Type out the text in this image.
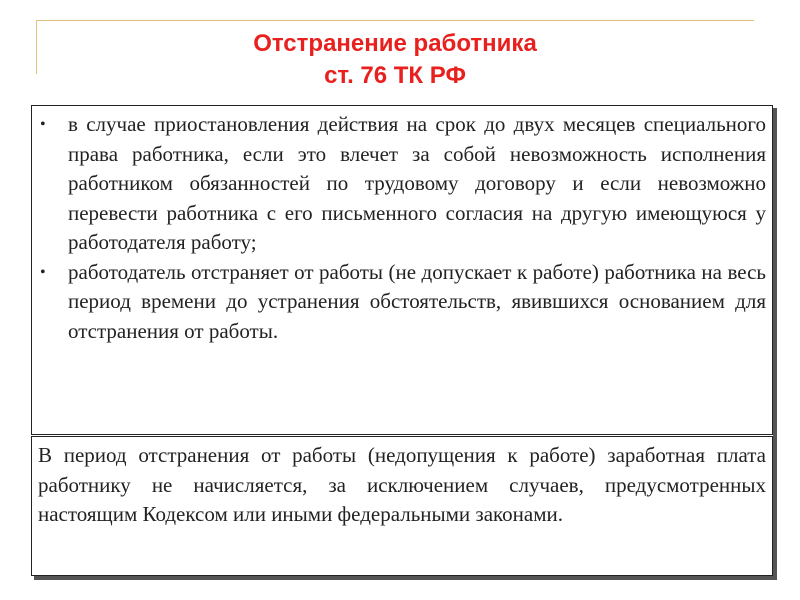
Отстранение работника
ст. 76 ТК РФ
• в случае приостановления действия на срок до двух месяцев специального права работника, если это влечет за собой невозможность исполнения работником обязанностей по трудовому договору и если невозможно перевести работника с его письменного согласия на другую имеющуюся у работодателя работу;
• работодатель отстраняет от работы (не допускает к работе) работника на весь период времени до устранения обстоятельств, явившихся основанием для отстранения от работы.

В период отстранения от работы (недопущения к работе) заработная плата работнику не начисляется, за исключением случаев, предусмотренных настоящим Кодексом или иными федеральными законами.
